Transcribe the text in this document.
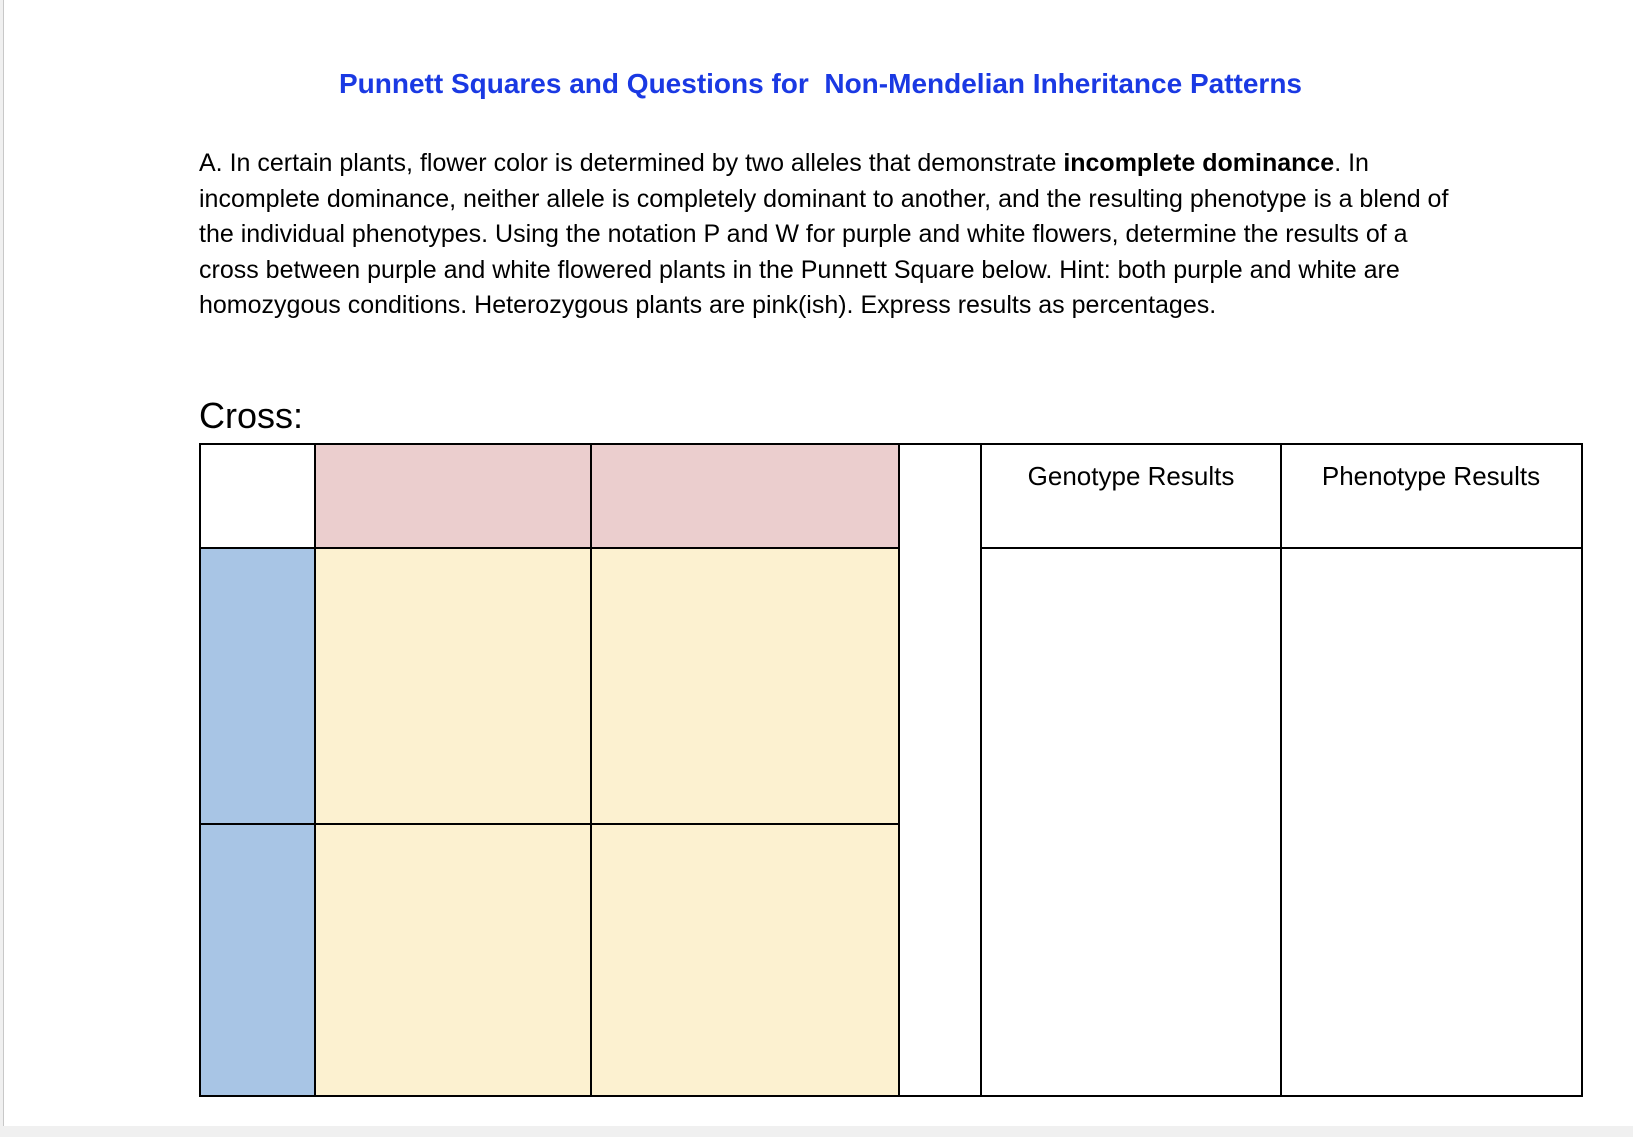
Punnett Squares and Questions for  Non-Mendelian Inheritance Patterns
A. In certain plants, flower color is determined by two alleles that demonstrate incomplete dominance. In incomplete dominance, neither allele is completely dominant to another, and the resulting phenotype is a blend of the individual phenotypes. Using the notation P and W for purple and white flowers, determine the results of a cross between purple and white flowered plants in the Punnett Square below. Hint: both purple and white are homozygous conditions. Heterozygous plants are pink(ish). Express results as percentages.
Cross:
Genotype Results	Phenotype Results
